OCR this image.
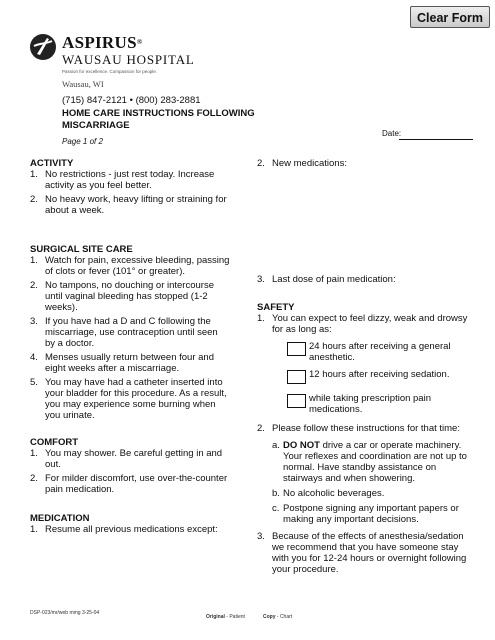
Clear Form
ASPIRUS®
WAUSAU HOSPITAL
Passion for excellence. Compassion for people.
Wausau, WI
(715) 847-2121 • (800) 283-2881
HOME CARE INSTRUCTIONS FOLLOWING
MISCARRIAGE
Page 1 of 2
Date:
ACTIVITY
1. No restrictions - just rest today. Increase activity as you feel better.
2. No heavy work, heavy lifting or straining for about a week.
SURGICAL SITE CARE
1. Watch for pain, excessive bleeding, passing of clots or fever (101° or greater).
2. No tampons, no douching or intercourse until vaginal bleeding has stopped (1-2 weeks).
3. If you have had a D and C following the miscarriage, use contraception until seen by a doctor.
4. Menses usually return between four and eight weeks after a miscarriage.
5. You may have had a catheter inserted into your bladder for this procedure. As a result, you may experience some burning when you urinate.
COMFORT
1. You may shower. Be careful getting in and out.
2. For milder discomfort, use over-the-counter pain medication.
MEDICATION
1. Resume all previous medications except:
2. New medications:
3. Last dose of pain medication:
SAFETY
1. You can expect to feel dizzy, weak and drowsy for as long as:
24 hours after receiving a general anesthetic.
12 hours after receiving sedation.
while taking prescription pain medications.
2. Please follow these instructions for that time:
a. DO NOT drive a car or operate machinery. Your reflexes and coordination are not up to normal. Have standby assistance on stairways and when showering.
b. No alcoholic beverages.
c. Postpone signing any important papers or making any important decisions.
3. Because of the effects of anesthesia/sedation we recommend that you have someone stay with you for 12-24 hours or overnight following your procedure.
DSP-023/mr/web mmg 3-25-04
Original - Patient	Copy - Chart
